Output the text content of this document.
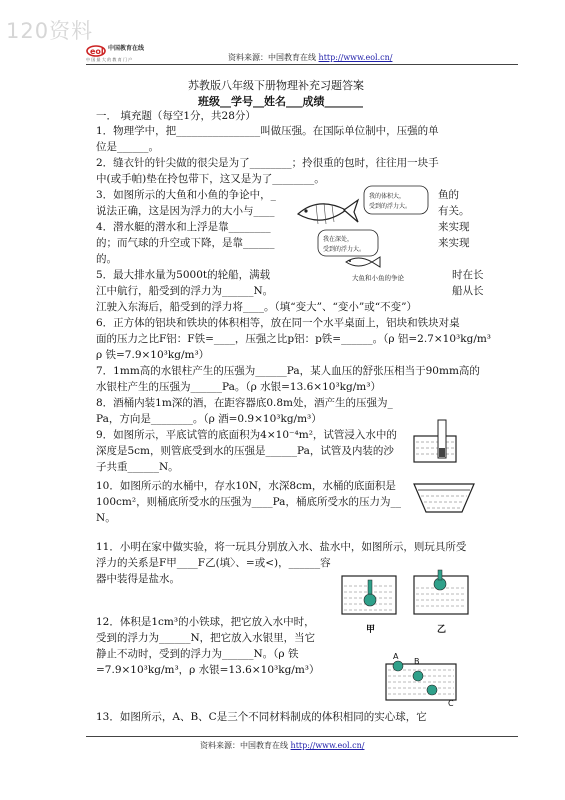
120资料
eol 中国教育在线
中 国 最 大 的 教 育 门 户	资料来源：中国教育在线 http://www.eol.cn/
苏教版八年级下册物理补充习题答案
班级__学号__姓名___成绩_______
一． 填充题（每空1分，共28分）
1．物理学中，把________________叫做压强。在国际单位制中，压强的单
位是______。
2．缝衣针的针尖做的很尖是为了________；拎很重的包时，往往用一块手
中(或手帕)垫在拎包带下，这又是为了________。
3．如图所示的大鱼和小鱼的争论中，_
说法正确，这是因为浮力的大小与____
4．潜水艇的潜水和上浮是靠________
的；而气球的升空或下降，是靠______
的。
5．最大排水量为5000t的轮船，满载
江中航行，船受到的浮力为______N。
江驶入东海后，船受到的浮力将____。（填“变大”、“变小”或“不变”）
鱼的
有关。
来实现
来实现
时在长
船从长
我的体积大，
受到的浮力大。
我在深处，
受到的浮力大。
大鱼和小鱼的争论
6．正方体的铝块和铁块的体积相等，放在同一个水平桌面上，铝块和铁块对桌
面的压力之比F铝：F铁=____，压强之比p铝：p铁=______。（ρ 铝=2.7×10³kg/m³
ρ 铁=7.9×10³kg/m³）
7．1mm高的水银柱产生的压强为______Pa，某人血压的舒张压相当于90mm高的
水银柱产生的压强为______Pa。（ρ 水银=13.6×10³kg/m³）
8．酒桶内装1m深的酒，在距容器底0.8m处，酒产生的压强为_
Pa，方向是________。（ρ 酒=0.9×10³kg/m³）
9．如图所示，平底试管的底面积为4×10⁻⁴m²，试管浸入水中的
深度是5cm，则管底受到水的压强是______Pa，试管及内装的沙
子共重______N。
10．如图所示的水桶中，存水10N，水深8cm，水桶的底面积是
100cm²，则桶底所受水的压强为____Pa，桶底所受水的压力为__
N。
11．小明在家中做实验，将一玩具分别放入水、盐水中，如图所示，则玩具所受
浮力的关系是F甲____F乙(填〉、=或<)，______容
器中装得是盐水。
甲	乙
12．体积是1cm³的小铁球，把它放入水中时，
受到的浮力为______N，把它放入水银里，当它
静止不动时，受到的浮力为______N。（ρ 铁
=7.9×10³kg/m³，ρ 水银=13.6×10³kg/m³）
A
B
C
13．如图所示，A、B、C是三个不同材料制成的体积相同的实心球，它
资料来源：中国教育在线 http://www.eol.cn/
